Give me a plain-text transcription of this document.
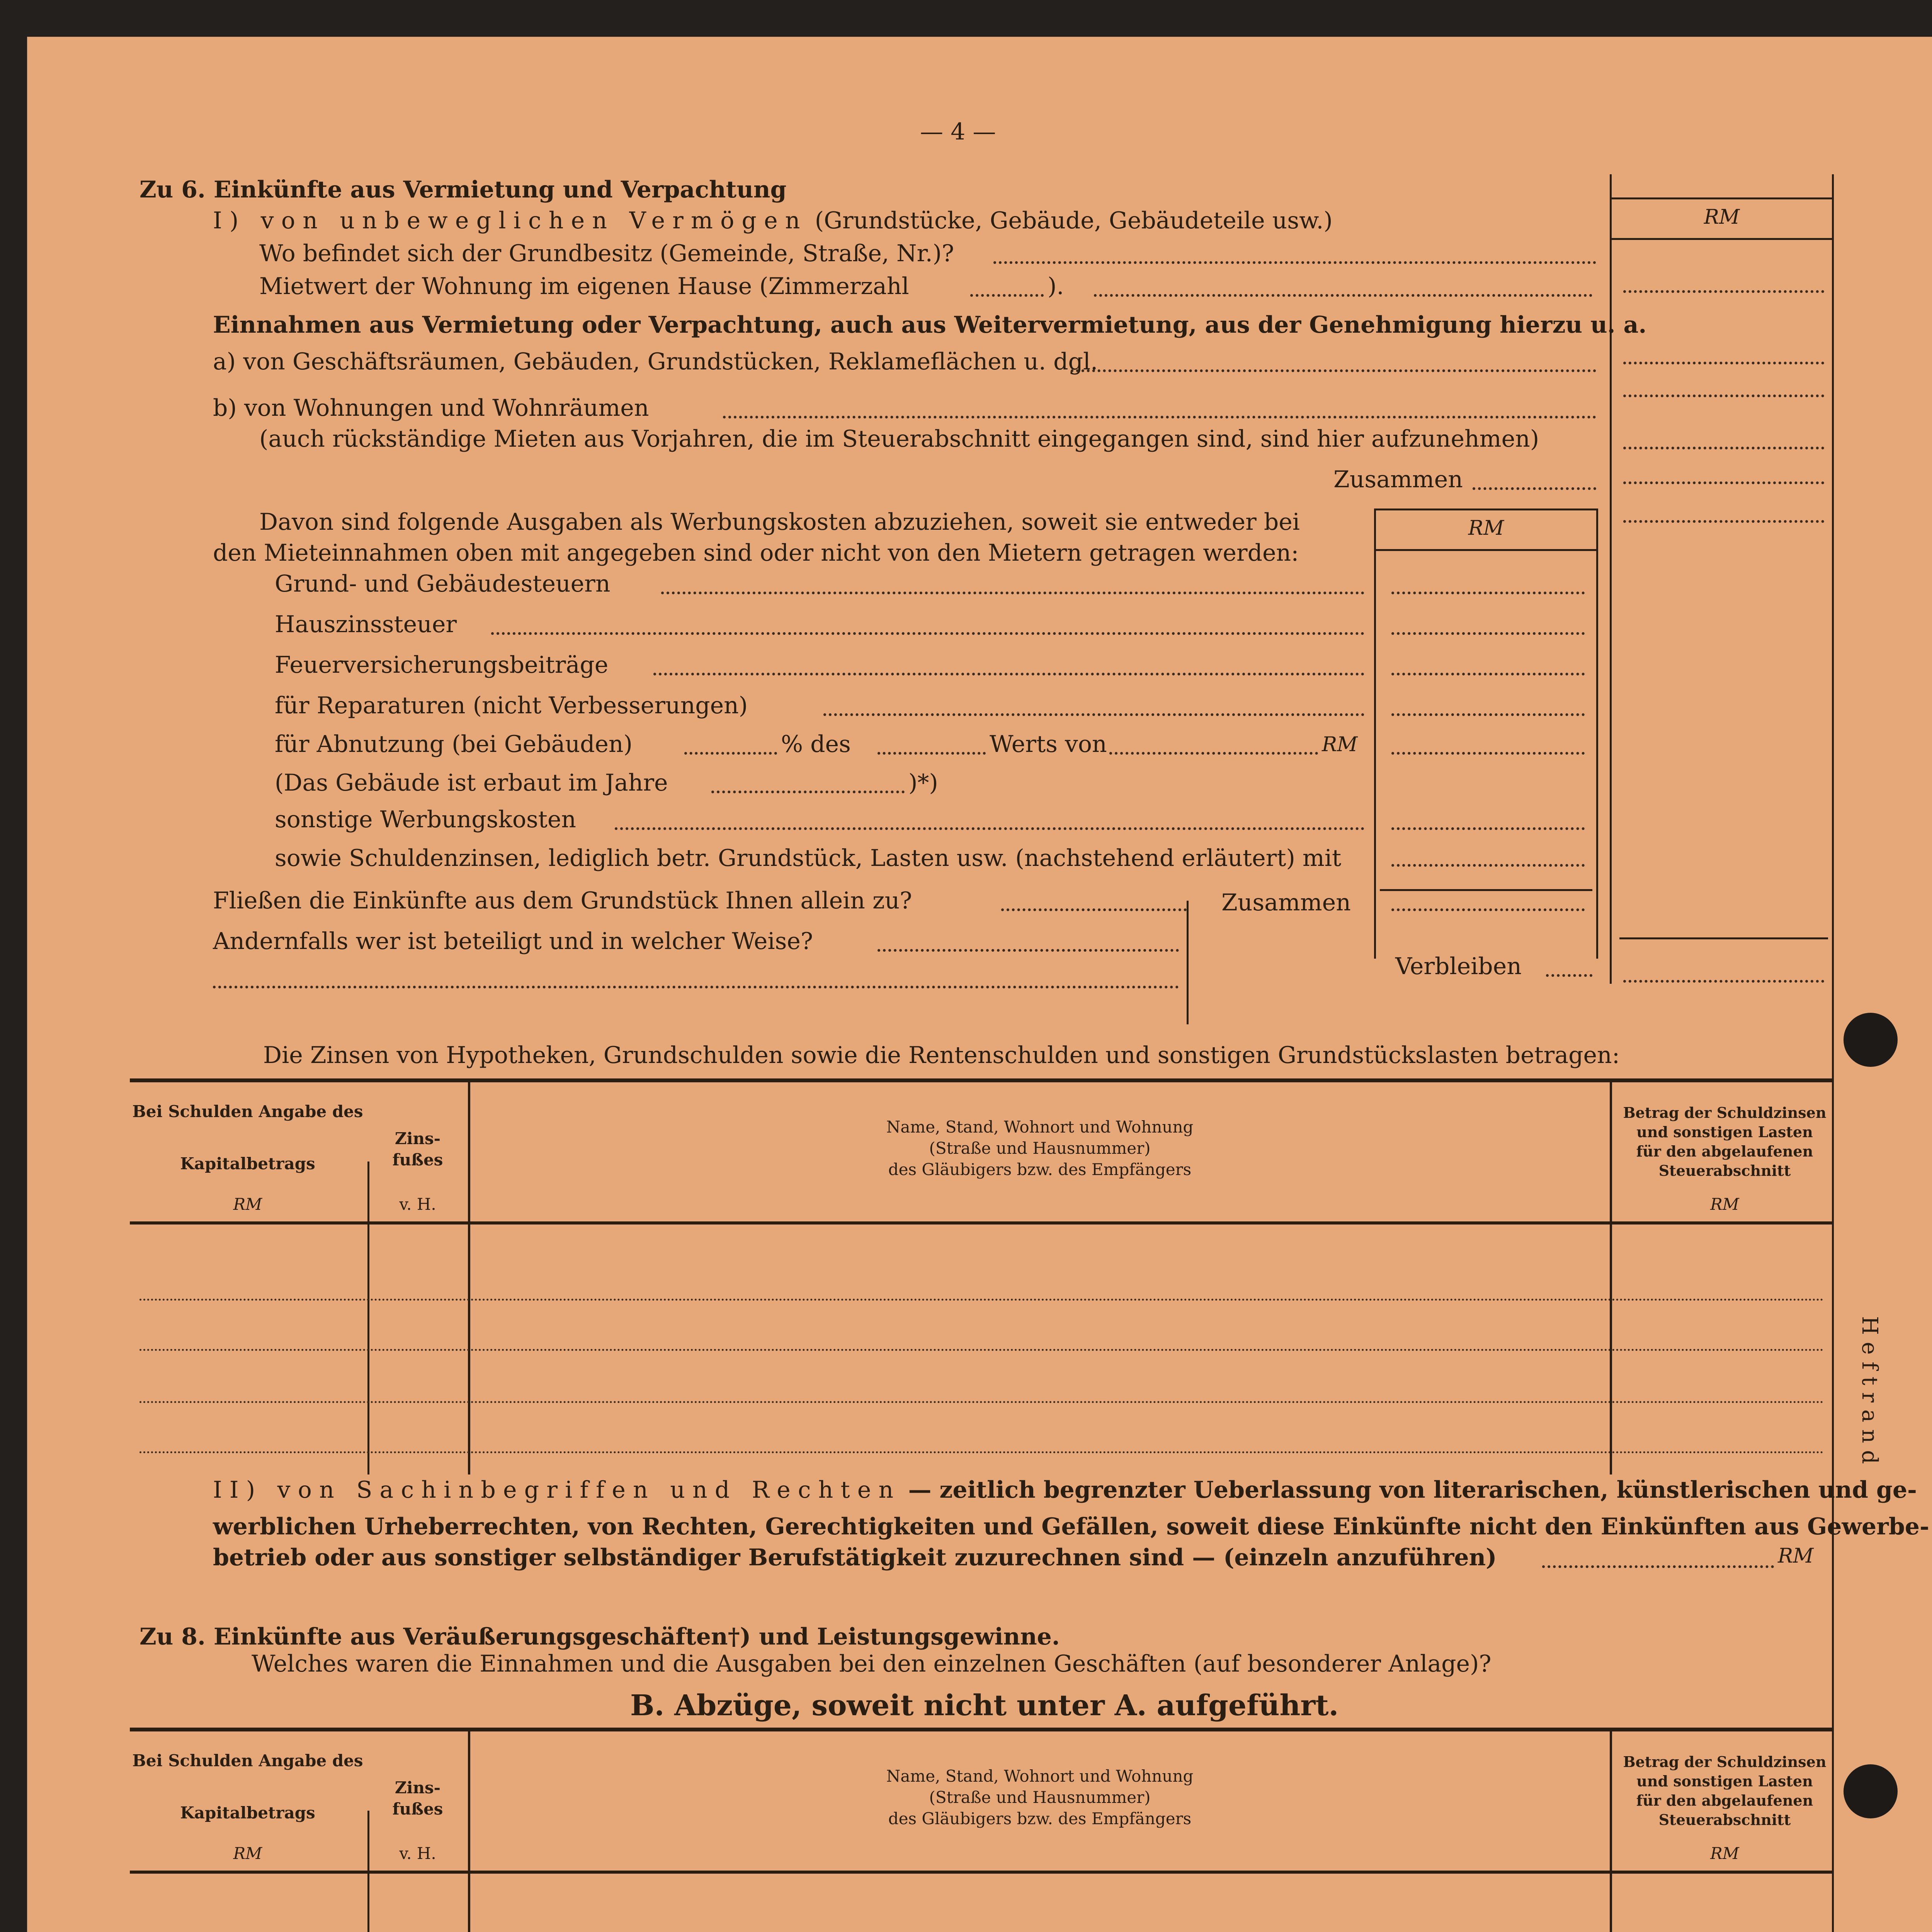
— 4 —
RM
Zu 6. Einkünfte aus Vermietung und Verpachtung
I) von unbeweglichen Vermögen (Grundstücke, Gebäude, Gebäudeteile usw.)
Wo befindet sich der Grundbesitz (Gemeinde, Straße, Nr.)?
Mietwert der Wohnung im eigenen Hause (Zimmerzahl	).
Einnahmen aus Vermietung oder Verpachtung, auch aus Weitervermietung, aus der Genehmigung hierzu u. a.
a) von Geschäftsräumen, Gebäuden, Grundstücken, Reklameflächen u. dgl.
b) von Wohnungen und Wohnräumen
(auch rückständige Mieten aus Vorjahren, die im Steuerabschnitt eingegangen sind, sind hier aufzunehmen)
Zusammen
Davon sind folgende Ausgaben als Werbungskosten abzuziehen, soweit sie entweder bei
den Mieteinnahmen oben mit angegeben sind oder nicht von den Mietern getragen werden:
RM
Grund- und Gebäudesteuern
Hauszinssteuer
Feuerversicherungsbeiträge
für Reparaturen (nicht Verbesserungen)
für Abnutzung (bei Gebäuden)	% des	Werts von	RM
(Das Gebäude ist erbaut im Jahre	)*)
sonstige Werbungskosten
sowie Schuldenzinsen, lediglich betr. Grundstück, Lasten usw. (nachstehend erläutert) mit
Fließen die Einkünfte aus dem Grundstück Ihnen allein zu?	Zusammen
Andernfalls wer ist beteiligt und in welcher Weise?
Verbleiben
Die Zinsen von Hypotheken, Grundschulden sowie die Rentenschulden und sonstigen Grundstückslasten betragen:
Bei Schulden Angabe des
Kapitalbetrags
Zins-
fußes
RM	v. H.
Name, Stand, Wohnort und Wohnung
(Straße und Hausnummer)
des Gläubigers bzw. des Empfängers
Betrag der Schuldzinsen
und sonstigen Lasten
für den abgelaufenen
Steuerabschnitt
RM
II) von Sachinbegriffen und Rechten — zeitlich begrenzter Ueberlassung von literarischen, künstlerischen und ge-
werblichen Urheberrechten, von Rechten, Gerechtigkeiten und Gefällen, soweit diese Einkünfte nicht den Einkünften aus Gewerbe-
betrieb oder aus sonstiger selbständiger Berufstätigkeit zuzurechnen sind — (einzeln anzuführen)	RM
Zu 8. Einkünfte aus Veräußerungsgeschäften†) und Leistungsgewinne.
Welches waren die Einnahmen und die Ausgaben bei den einzelnen Geschäften (auf besonderer Anlage)?
B. Abzüge, soweit nicht unter A. aufgeführt.
Bei Schulden Angabe des
Kapitalbetrags
Zins-
fußes
RM	v. H.
Name, Stand, Wohnort und Wohnung
(Straße und Hausnummer)
des Gläubigers bzw. des Empfängers
Betrag der Schuldzinsen
und sonstigen Lasten
für den abgelaufenen
Steuerabschnitt
RM
Heftrand
